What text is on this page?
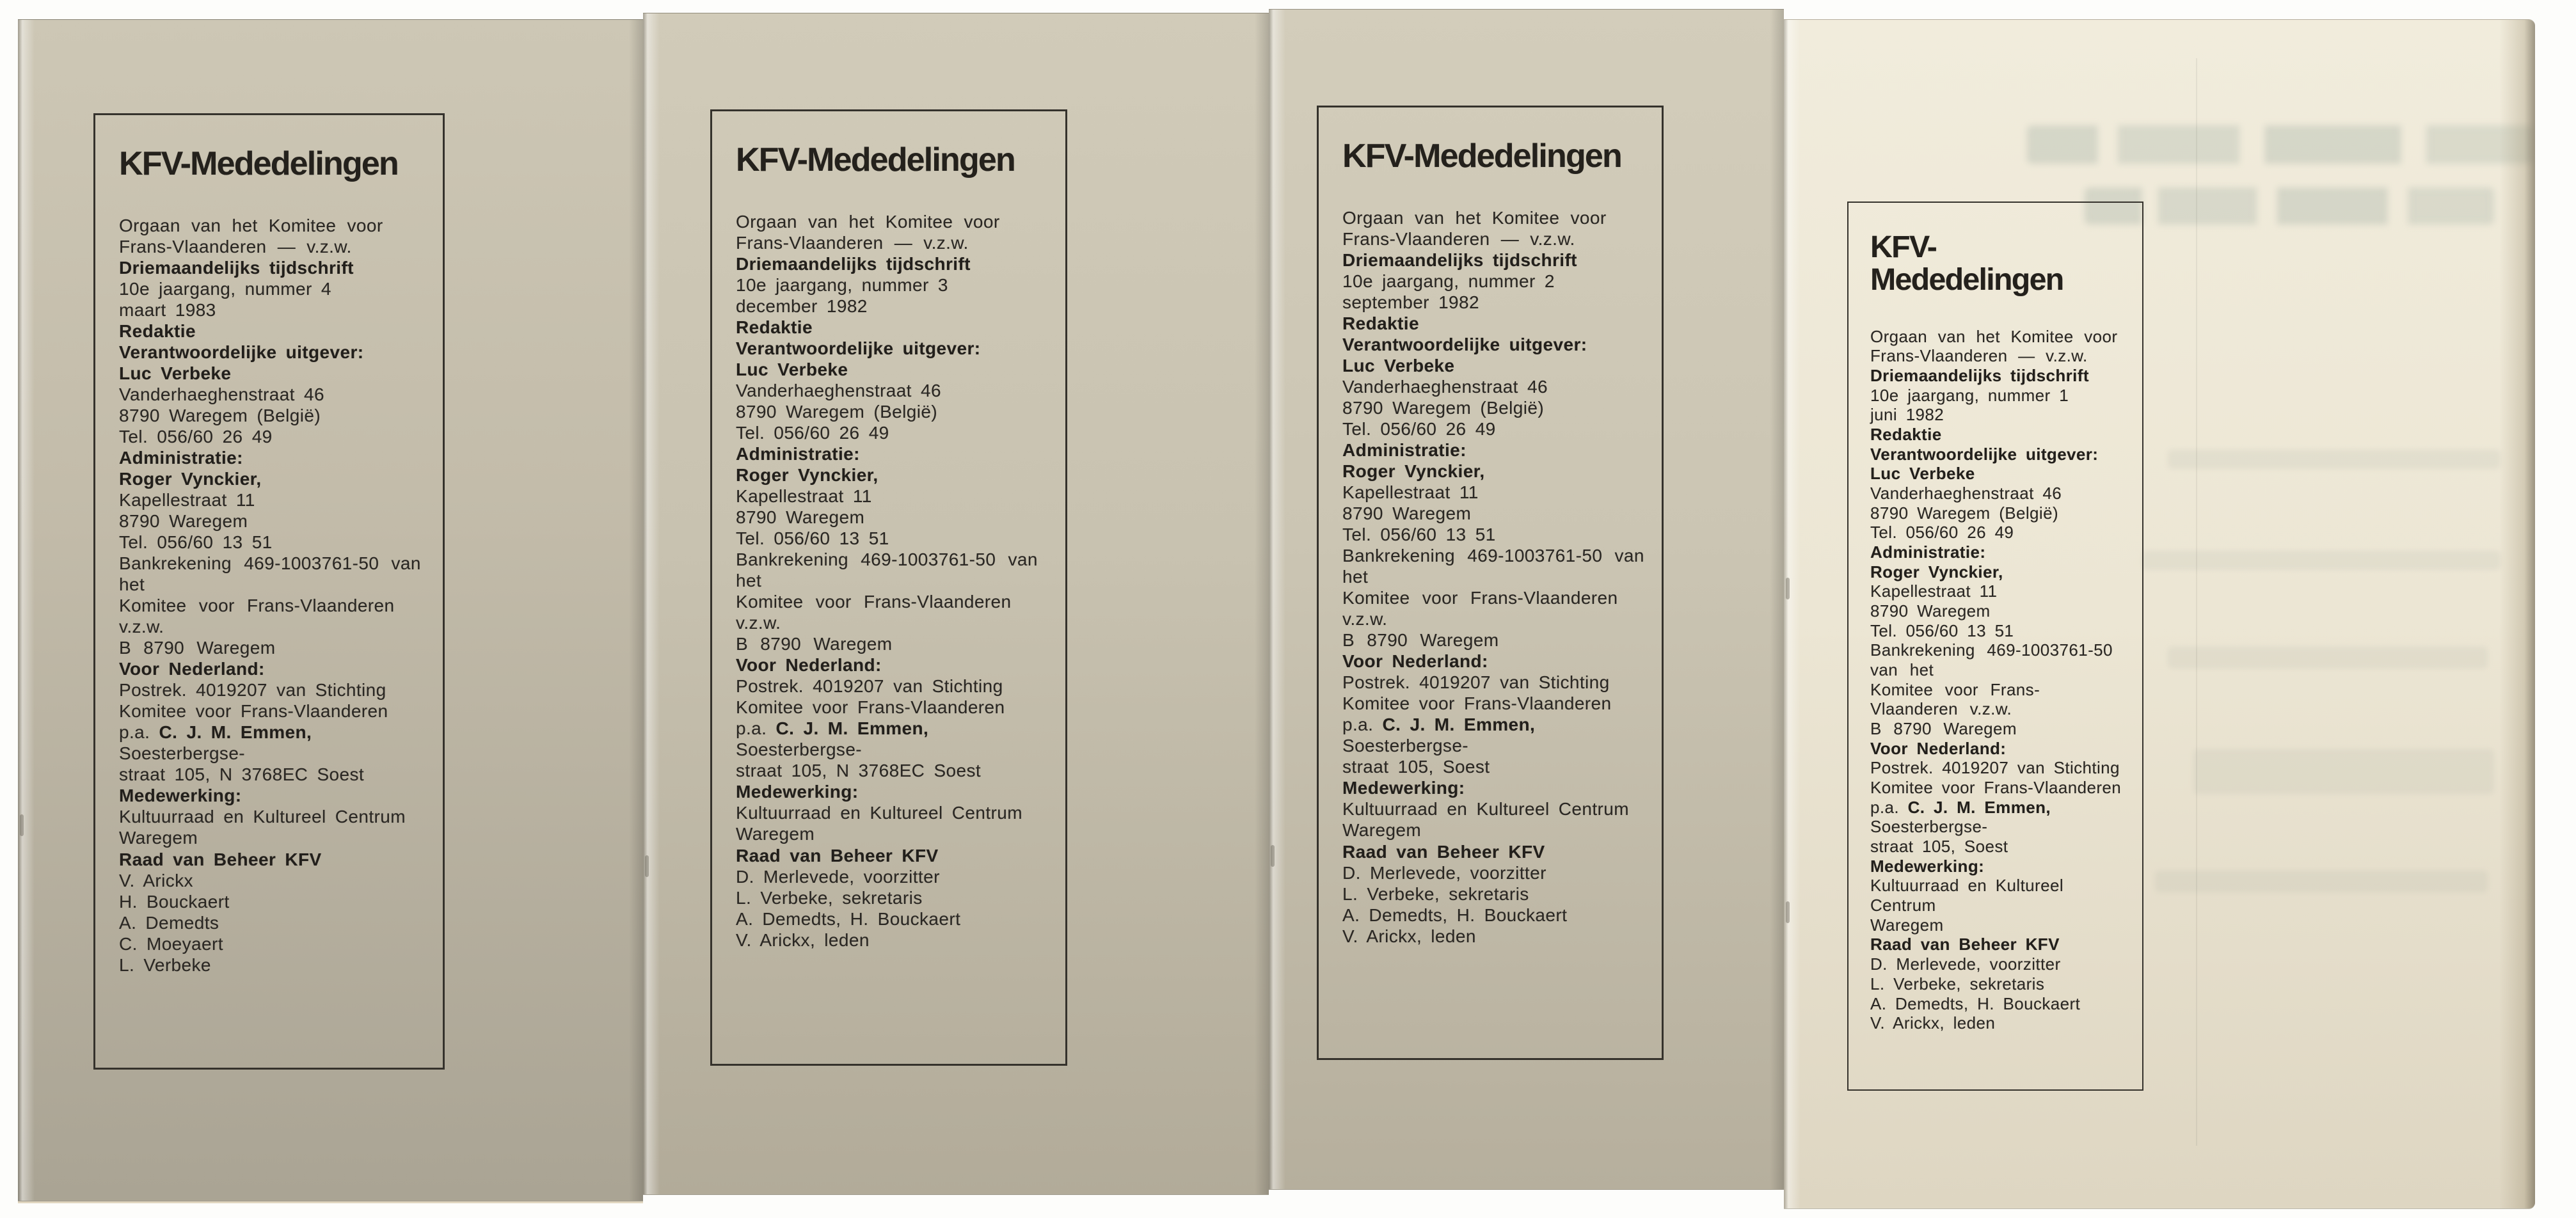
KFV-Mededelingen

Orgaan van het Komitee voor
Frans-Vlaanderen — v.z.w.

Driemaandelijks tijdschrift

10e jaargang, nummer 4
maart 1983

Redaktie
Verantwoordelijke uitgever:

Luc Verbeke
Vanderhaeghenstraat 46
8790 Waregem (België)
Tel. 056/60 26 49

Administratie:

Roger Vynckier,
Kapellestraat 11
8790 Waregem
Tel. 056/60 13 51

Bankrekening 469-1003761-50 van het
Komitee voor Frans-Vlaanderen v.z.w.
B 8790 Waregem

Voor Nederland:

Postrek. 4019207 van Stichting
Komitee voor Frans-Vlaanderen
p.a. C. J. M. Emmen, Soesterbergse-
straat 105, N 3768EC Soest

Medewerking:

Kultuurraad en Kultureel Centrum
Waregem

Raad van Beheer KFV

V. Arickx
H. Bouckaert
A. Demedts
C. Moeyaert
L. Verbeke

KFV-Mededelingen

Orgaan van het Komitee voor
Frans-Vlaanderen — v.z.w.

Driemaandelijks tijdschrift

10e jaargang, nummer 3
december 1982

Redaktie
Verantwoordelijke uitgever:

Luc Verbeke
Vanderhaeghenstraat 46
8790 Waregem (België)
Tel. 056/60 26 49

Administratie:

Roger Vynckier,
Kapellestraat 11
8790 Waregem
Tel. 056/60 13 51

Bankrekening 469-1003761-50 van het
Komitee voor Frans-Vlaanderen v.z.w.
B 8790 Waregem

Voor Nederland:

Postrek. 4019207 van Stichting
Komitee voor Frans-Vlaanderen
p.a. C. J. M. Emmen, Soesterbergse-
straat 105, N 3768EC Soest

Medewerking:

Kultuurraad en Kultureel Centrum
Waregem

Raad van Beheer KFV

D. Merlevede, voorzitter
L. Verbeke, sekretaris
A. Demedts, H. Bouckaert
V. Arickx, leden

KFV-Mededelingen

Orgaan van het Komitee voor
Frans-Vlaanderen — v.z.w.

Driemaandelijks tijdschrift

10e jaargang, nummer 2
september 1982

Redaktie
Verantwoordelijke uitgever:

Luc Verbeke
Vanderhaeghenstraat 46
8790 Waregem (België)
Tel. 056/60 26 49

Administratie:

Roger Vynckier,
Kapellestraat 11
8790 Waregem
Tel. 056/60 13 51

Bankrekening 469-1003761-50 van het
Komitee voor Frans-Vlaanderen v.z.w.
B 8790 Waregem

Voor Nederland:

Postrek. 4019207 van Stichting
Komitee voor Frans-Vlaanderen
p.a. C. J. M. Emmen, Soesterbergse-
straat 105, Soest

Medewerking:

Kultuurraad en Kultureel Centrum
Waregem

Raad van Beheer KFV

D. Merlevede, voorzitter
L. Verbeke, sekretaris
A. Demedts, H. Bouckaert
V. Arickx, leden

KFV-Mededelingen

Orgaan van het Komitee voor
Frans-Vlaanderen — v.z.w.

Driemaandelijks tijdschrift

10e jaargang, nummer 1
juni 1982

Redaktie
Verantwoordelijke uitgever:

Luc Verbeke
Vanderhaeghenstraat 46
8790 Waregem (België)
Tel. 056/60 26 49

Administratie:

Roger Vynckier,
Kapellestraat 11
8790 Waregem
Tel. 056/60 13 51

Bankrekening 469-1003761-50 van het
Komitee voor Frans-Vlaanderen v.z.w.
B 8790 Waregem

Voor Nederland:

Postrek. 4019207 van Stichting
Komitee voor Frans-Vlaanderen
p.a. C. J. M. Emmen, Soesterbergse-
straat 105, Soest

Medewerking:

Kultuurraad en Kultureel Centrum
Waregem

Raad van Beheer KFV

D. Merlevede, voorzitter
L. Verbeke, sekretaris
A. Demedts, H. Bouckaert
V. Arickx, leden
